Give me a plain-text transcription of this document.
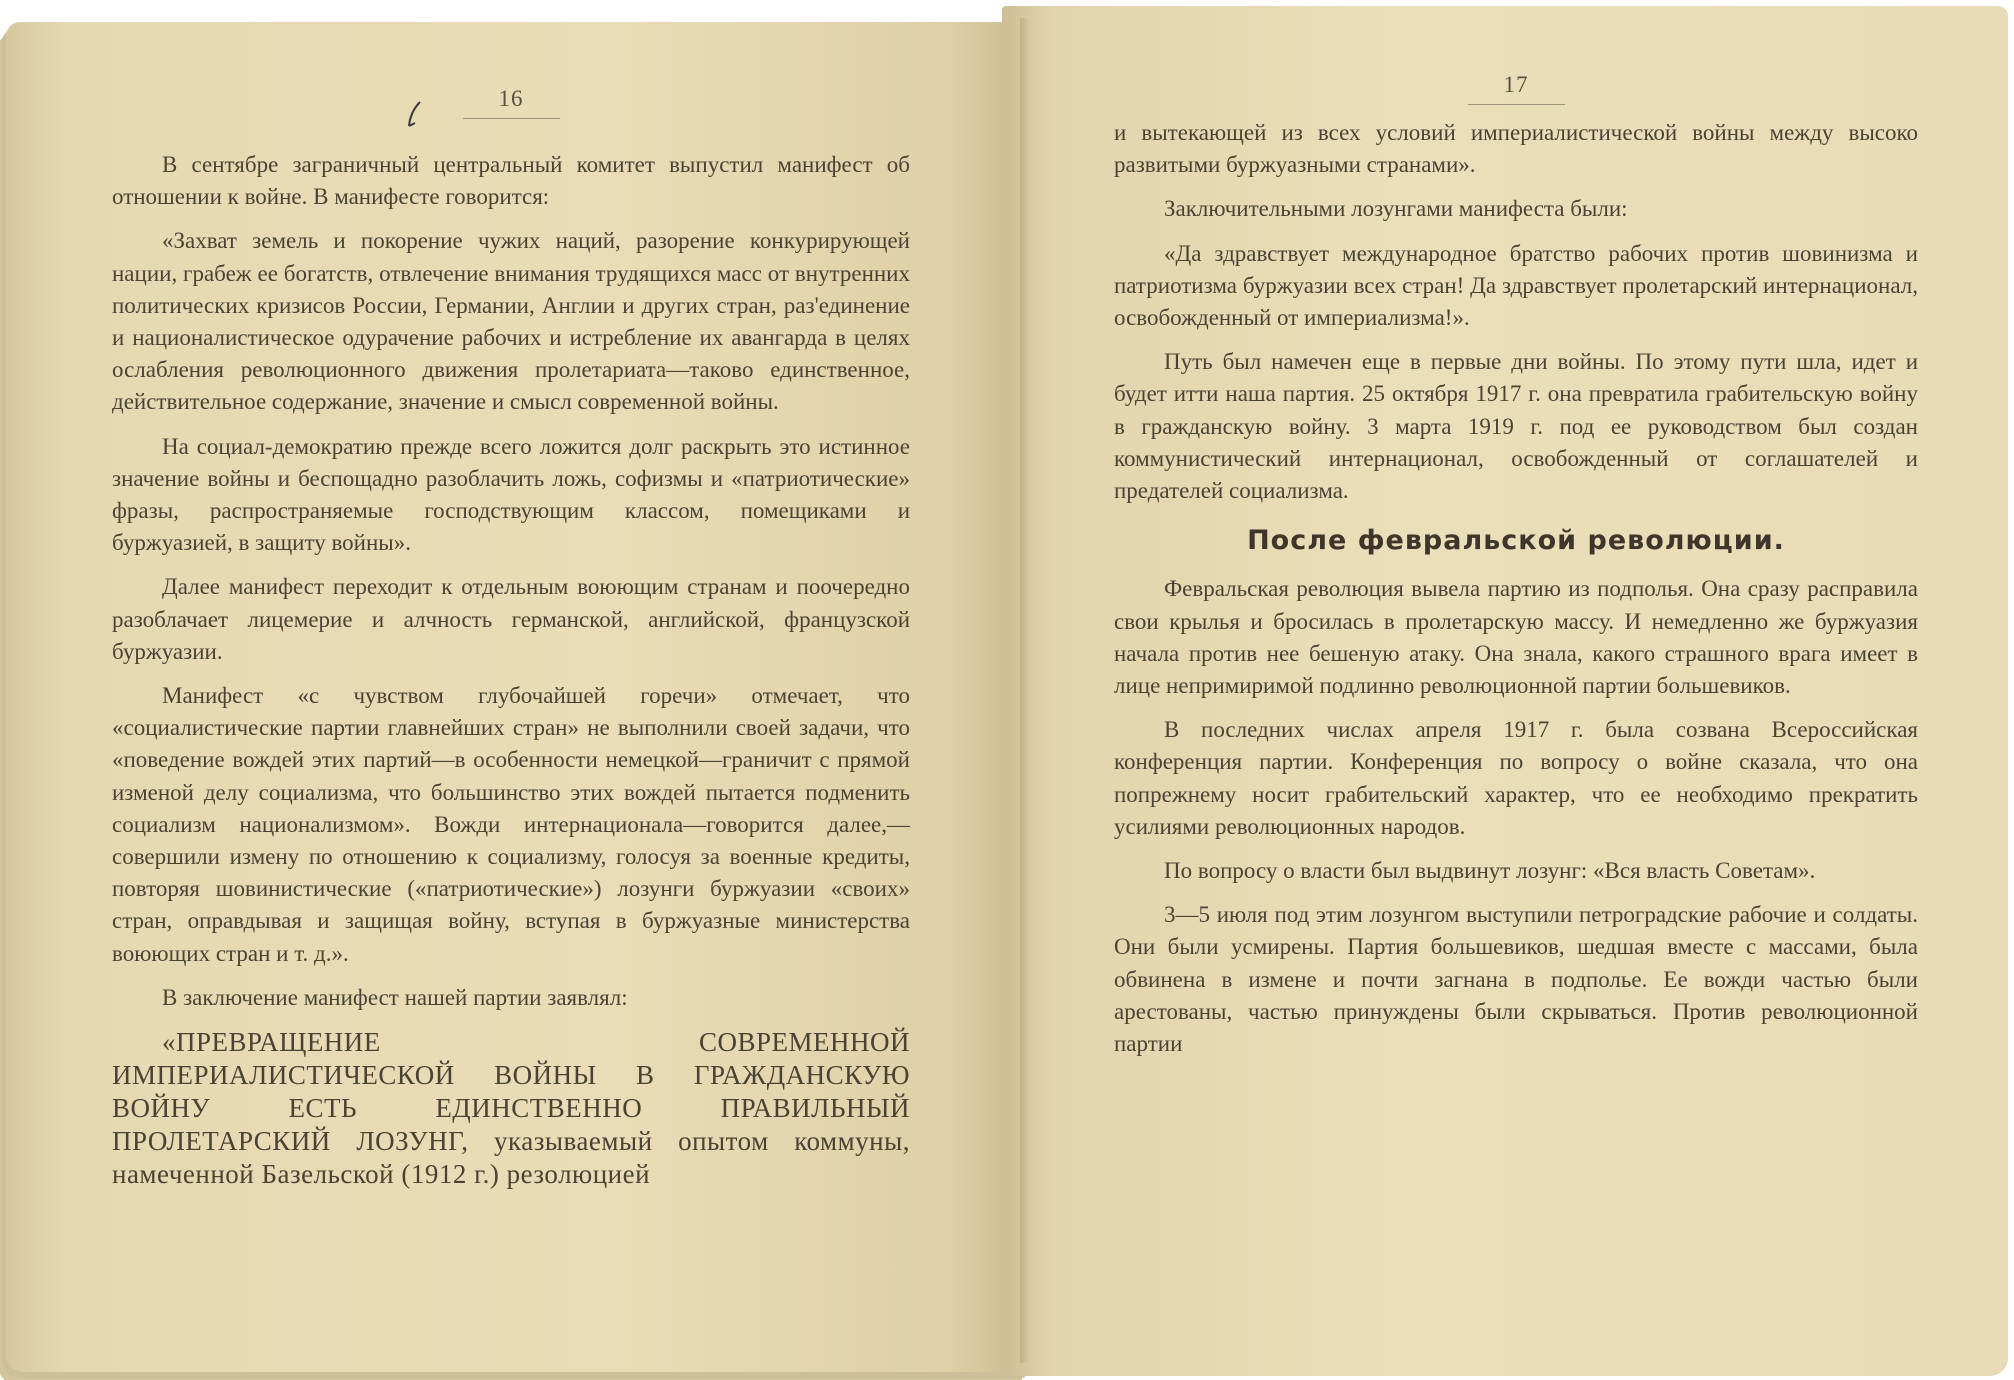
16

В сентябре заграничный центральный комитет выпустил манифест об отношении к войне. В манифесте говорится:

«Захват земель и покорение чужих наций, разорение конкурирующей нации, грабеж ее богатств, отвлечение внимания трудящихся масс от внутренних политических кризисов России, Германии, Англии и других стран, раз'единение и националистическое одурачение рабочих и истребление их авангарда в целях ослабления революционного движения пролетариата—таково единственное, действительное содержание, значение и смысл современной войны.

На социал-демократию прежде всего ложится долг раскрыть это истинное значение войны и беспощадно разоблачить ложь, софизмы и «патриотические» фразы, распространяемые господствующим классом, помещиками и буржуазией, в защиту войны».

Далее манифест переходит к отдельным воюющим странам и поочередно разоблачает лицемерие и алчность германской, английской, французской буржуазии.

Манифест «с чувством глубочайшей горечи» отмечает, что «социалистические партии главнейших стран» не выполнили своей задачи, что «поведение вождей этих партий—в особенности немецкой—граничит с прямой изменой делу социализма, что большинство этих вождей пытается подменить социализм национализмом». Вожди интернационала—говорится далее,—совершили измену по отношению к социализму, голосуя за военные кредиты, повторяя шовинистические («патриотические») лозунги буржуазии «своих» стран, оправдывая и защищая войну, вступая в буржуазные министерства воюющих стран и т. д.».

В заключение манифест нашей партии заявлял:

«ПРЕВРАЩЕНИЕ СОВРЕМЕННОЙ ИМПЕРИАЛИСТИЧЕСКОЙ ВОЙНЫ В ГРАЖДАНСКУЮ ВОЙНУ ЕСТЬ ЕДИНСТВЕННО ПРАВИЛЬНЫЙ ПРОЛЕТАРСКИЙ ЛОЗУНГ, указываемый опытом коммуны, намеченной Базельской (1912 г.) резолюцией

17

и вытекающей из всех условий империалистической войны между высоко развитыми буржуазными странами».

Заключительными лозунгами манифеста были:

«Да здравствует международное братство рабочих против шовинизма и патриотизма буржуазии всех стран! Да здравствует пролетарский интернационал, освобожденный от империализма!».

Путь был намечен еще в первые дни войны. По этому пути шла, идет и будет итти наша партия. 25 октября 1917 г. она превратила грабительскую войну в гражданскую войну. 3 марта 1919 г. под ее руководством был создан коммунистический интернационал, освобожденный от соглашателей и предателей социализма.

После февральской революции.

Февральская революция вывела партию из подполья. Она сразу расправила свои крылья и бросилась в пролетарскую массу. И немедленно же буржуазия начала против нее бешеную атаку. Она знала, какого страшного врага имеет в лице непримиримой подлинно революционной партии большевиков.

В последних числах апреля 1917 г. была созвана Всероссийская конференция партии. Конференция по вопросу о войне сказала, что она попрежнему носит грабительский характер, что ее необходимо прекратить усилиями революционных народов.

По вопросу о власти был выдвинут лозунг: «Вся власть Советам».

3—5 июля под этим лозунгом выступили петроградские рабочие и солдаты. Они были усмирены. Партия большевиков, шедшая вместе с массами, была обвинена в измене и почти загнана в подполье. Ее вожди частью были арестованы, частью принуждены были скрываться. Против революционной партии
